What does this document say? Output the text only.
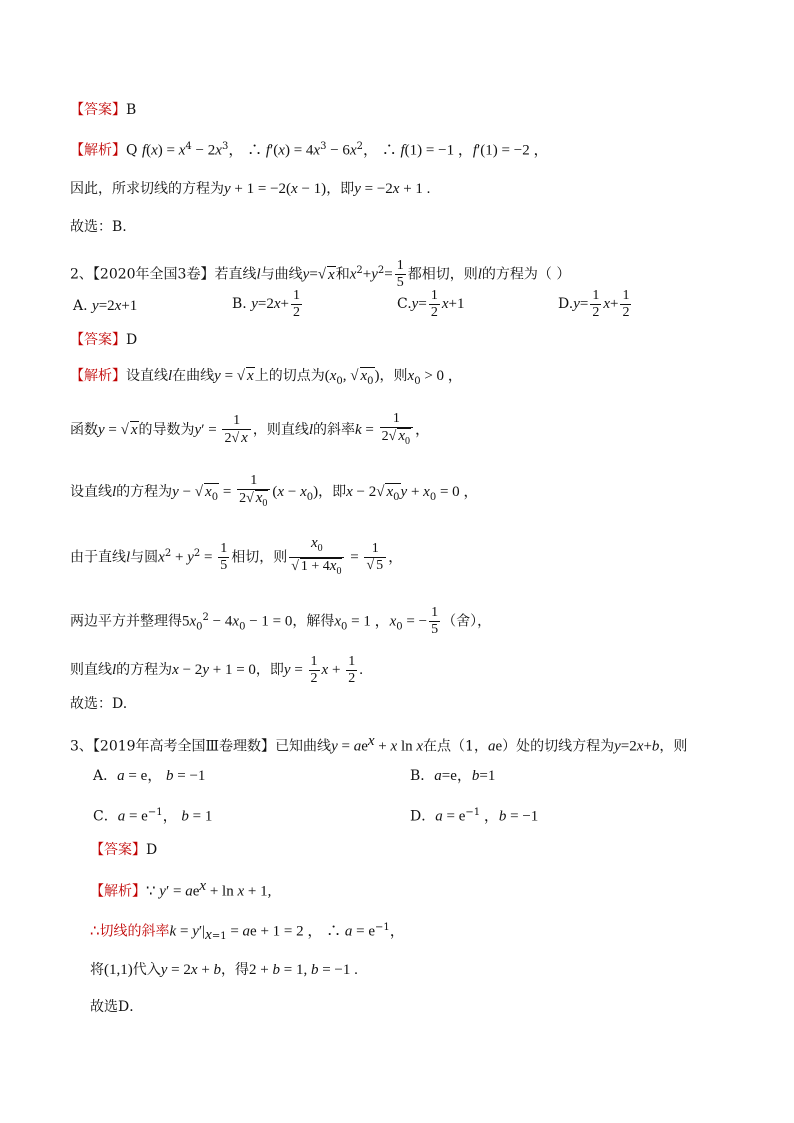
【答案】B
【解析】Q $f(x) = x^4 - 2x^3$， ∴ $f'(x) = 4x^3 - 6x^2$， ∴ f(1) = −1 ，f′(1) = −2 ，
因此，所求切线的方程为y + 1 = −2(x − 1)，即y = −2x + 1 .
故选：B.
2、【2020年全国3卷】若直线l与曲线y=√ x和$x^2+y^2= \frac{1}{5}$ 都相切，则l的方程为（ ）
A. y=2x+1	B. $y=2x+ \frac{1}{2}$	$C.y= \frac{1}{2} x+1$	$D.y= \frac{1}{2} x+ \frac{1}{2}$
【答案】D
【解析】设直线l在曲线y = √ x上的切点为($x_0$, √ $x_0$)，则$x_0 > 0$ ，
函数y = √ x的导数为$y' = \frac{1}{2√ x}$ ，则直线l的斜率$k = \frac{1}{2√ x_0}$ ，
设直线l的方程为y − √ $x_0 = \frac{1}{2√ x_0} (x - x_0)$，即x − 2√ $x_0y + x_0 = 0$ ，
由于直线l与圆$x^2 + y^2 = \frac{1}{5}$ 相切，则 $\frac{x_0}{√ 1 + 4x_0} = \frac{1}{√ 5}$ ，
两边平方并整理得$5x_0^2 - 4x_0 - 1 = 0$，解得$x_0 = 1$ ，$x_0$ = − $\frac{1}{5}$ （舍），
则直线l的方程为x − 2y + 1 = 0，即$y = \frac{1}{2}$ $x + \frac{1}{2}$ .
故选：D.
3、【2019年高考全国Ⅲ卷理数】已知曲线$y = ae^x + x$ ln x在点（1，ae）处的切线方程为y=2x+b，则
A．a = e， b = −1	B．a=e，b=1
C．$a = e^{-1}$， b = 1	D．$a = e^{-1}$ ，b = −1
【答案】D
【解析】∵ $y' = ae^x + \ln x + 1$,
∴切线的斜率$k = y'|_{x=1}$ = ae + 1 = 2 ， ∴ $a = e^{-1}$，
将(1,1)代入y = 2x + b，得2 + b = 1, b = −1 .
故选D．
